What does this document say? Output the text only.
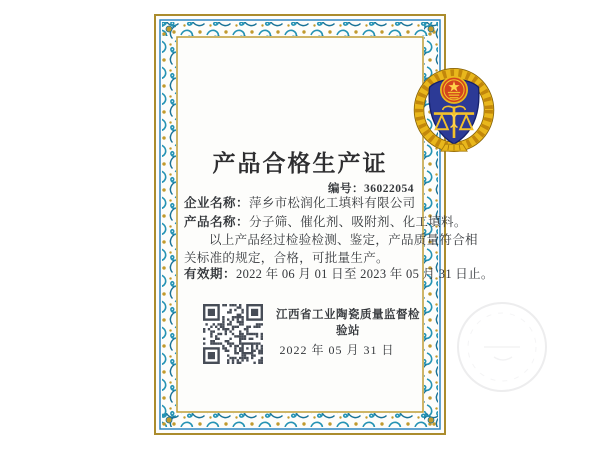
产品合格生产证
编号：36022054
企业名称：萍乡市松润化工填料有限公司
产品名称：分子筛、催化剂、吸附剂、化工填料。
以上产品经过检验检测、鉴定，产品质量符合相
关标准的规定，合格，可批量生产。
有效期：2022 年 06 月 01 日至 2023 年 05 月 31 日止。
江西省工业陶瓷质量监督检验站
2022 年 05 月 31 日
